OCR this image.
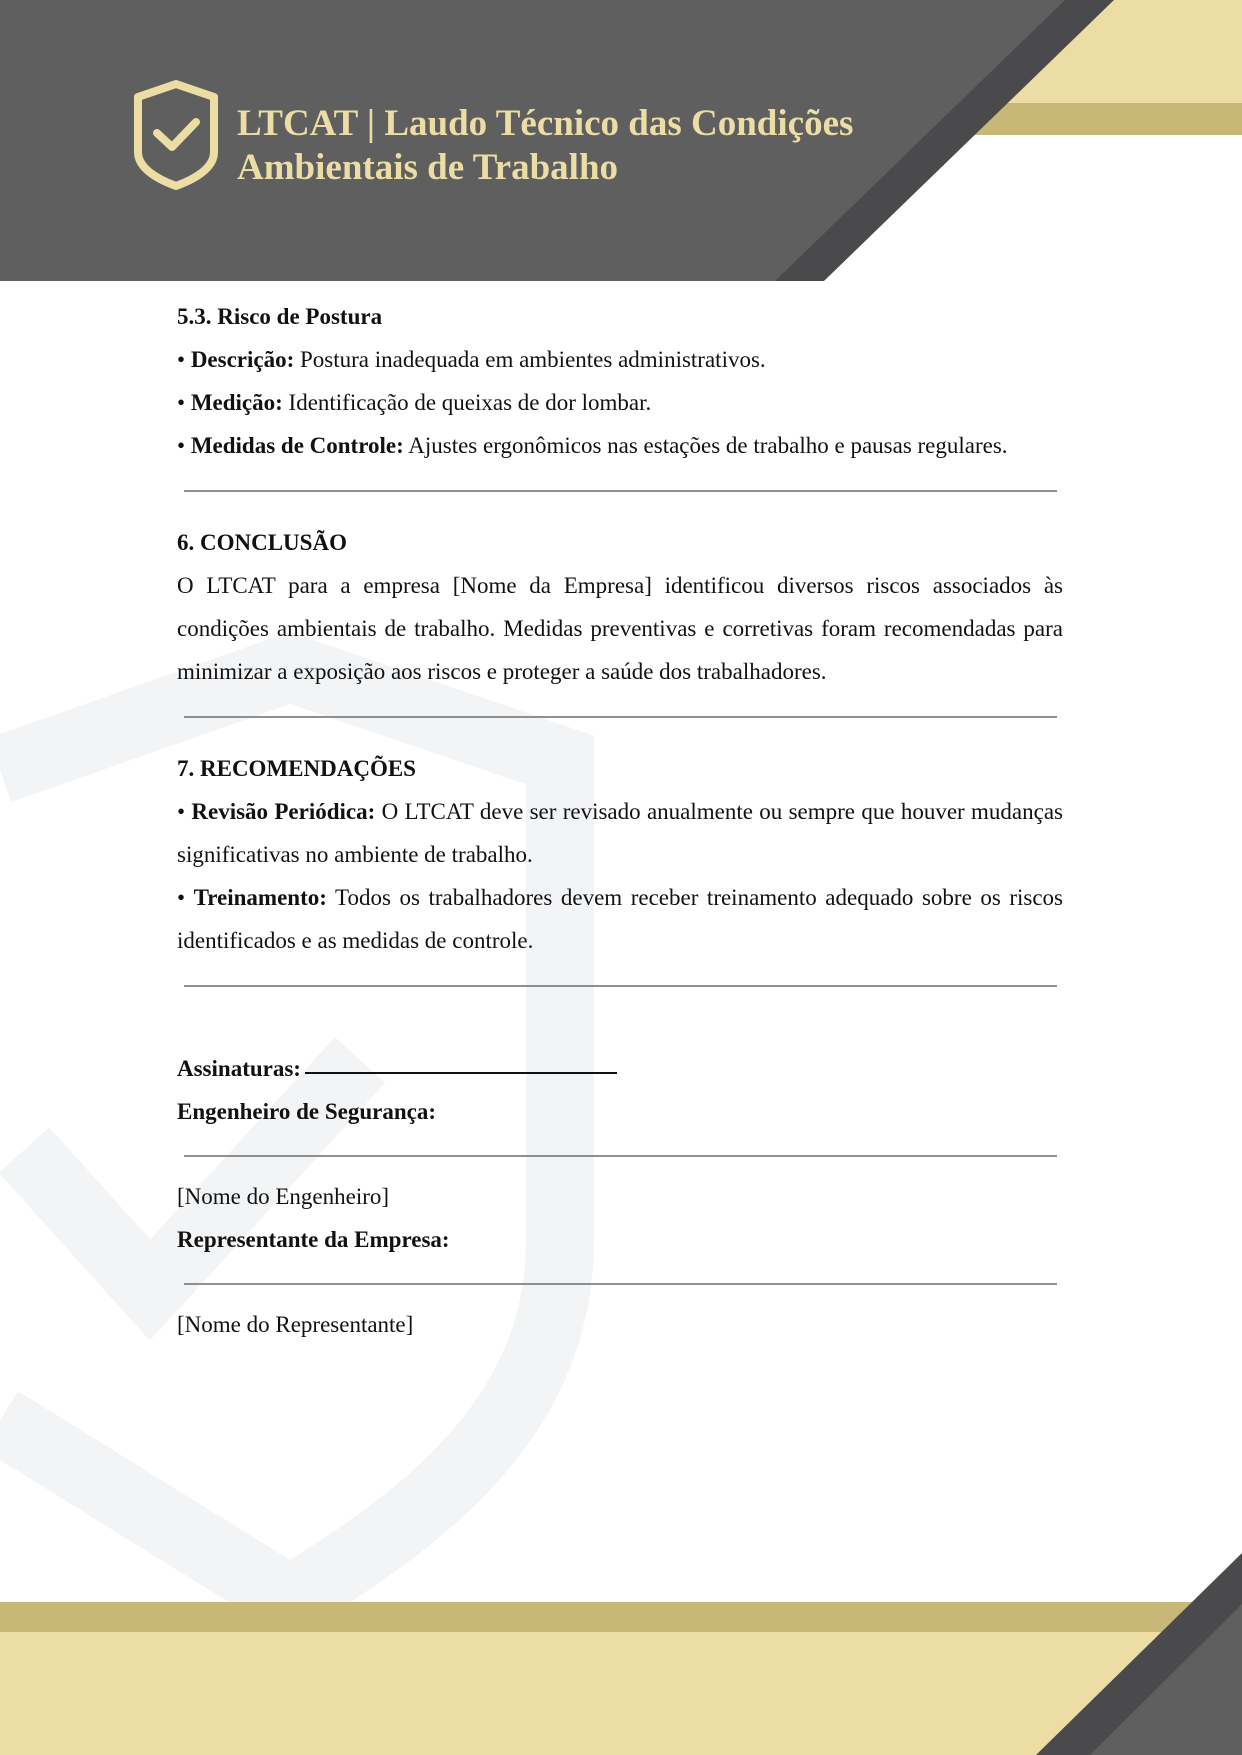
LTCAT | Laudo Técnico das Condições
Ambientais de Trabalho

5.3. Risco de Postura

• Descrição: Postura inadequada em ambientes administrativos.

• Medição: Identificação de queixas de dor lombar.

• Medidas de Controle: Ajustes ergonômicos nas estações de trabalho e pausas regulares.

6. CONCLUSÃO

O LTCAT para a empresa [Nome da Empresa] identificou diversos riscos associados às condições ambientais de trabalho. Medidas preventivas e corretivas foram recomendadas para minimizar a exposição aos riscos e proteger a saúde dos trabalhadores.

7. RECOMENDAÇÕES

• Revisão Periódica: O LTCAT deve ser revisado anualmente ou sempre que houver mudanças significativas no ambiente de trabalho.

• Treinamento: Todos os trabalhadores devem receber treinamento adequado sobre os riscos identificados e as medidas de controle.

Assinaturas:

Engenheiro de Segurança:

[Nome do Engenheiro]

Representante da Empresa:

[Nome do Representante]
